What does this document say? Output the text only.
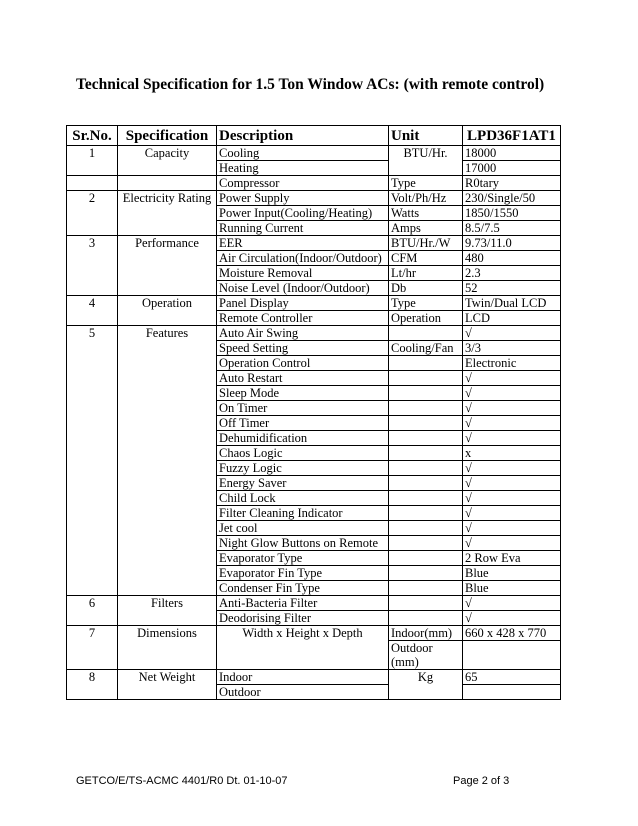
Technical Specification for 1.5 Ton Window ACs: (with remote control)
Sr.No.	Specification	Description	Unit	LPD36F1AT1
1	Capacity	Cooling	BTU/Hr.	18000
		Heating		17000
		Compressor	Type	R0tary
2	Electricity Rating	Power Supply	Volt/Ph/Hz	230/Single/50
		Power Input(Cooling/Heating)	Watts	1850/1550
		Running Current	Amps	8.5/7.5
3	Performance	EER	BTU/Hr./W	9.73/11.0
		Air Circulation(Indoor/Outdoor)	CFM	480
		Moisture Removal	Lt/hr	2.3
		Noise Level (Indoor/Outdoor)	Db	52
4	Operation	Panel Display	Type	Twin/Dual LCD
		Remote Controller	Operation	LCD
5	Features	Auto Air Swing		√
		Speed Setting	Cooling/Fan	3/3
		Operation Control		Electronic
		Auto Restart		√
		Sleep Mode		√
		On Timer		√
		Off Timer		√
		Dehumidification		√
		Chaos Logic		x
		Fuzzy Logic		√
		Energy Saver		√
		Child Lock		√
		Filter Cleaning Indicator		√
		Jet cool		√
		Night Glow Buttons on Remote		√
		Evaporator Type		2 Row Eva
		Evaporator Fin Type		Blue
		Condenser Fin Type		Blue
6	Filters	Anti-Bacteria Filter		√
		Deodorising Filter		√
7	Dimensions	Width x Height x Depth	Indoor(mm)	660 x 428 x 770
			Outdoor (mm)	
8	Net Weight	Indoor	Kg	65
		Outdoor		
GETCO/E/TS-ACMC 4401/R0 Dt. 01-10-07	Page 2 of 3
